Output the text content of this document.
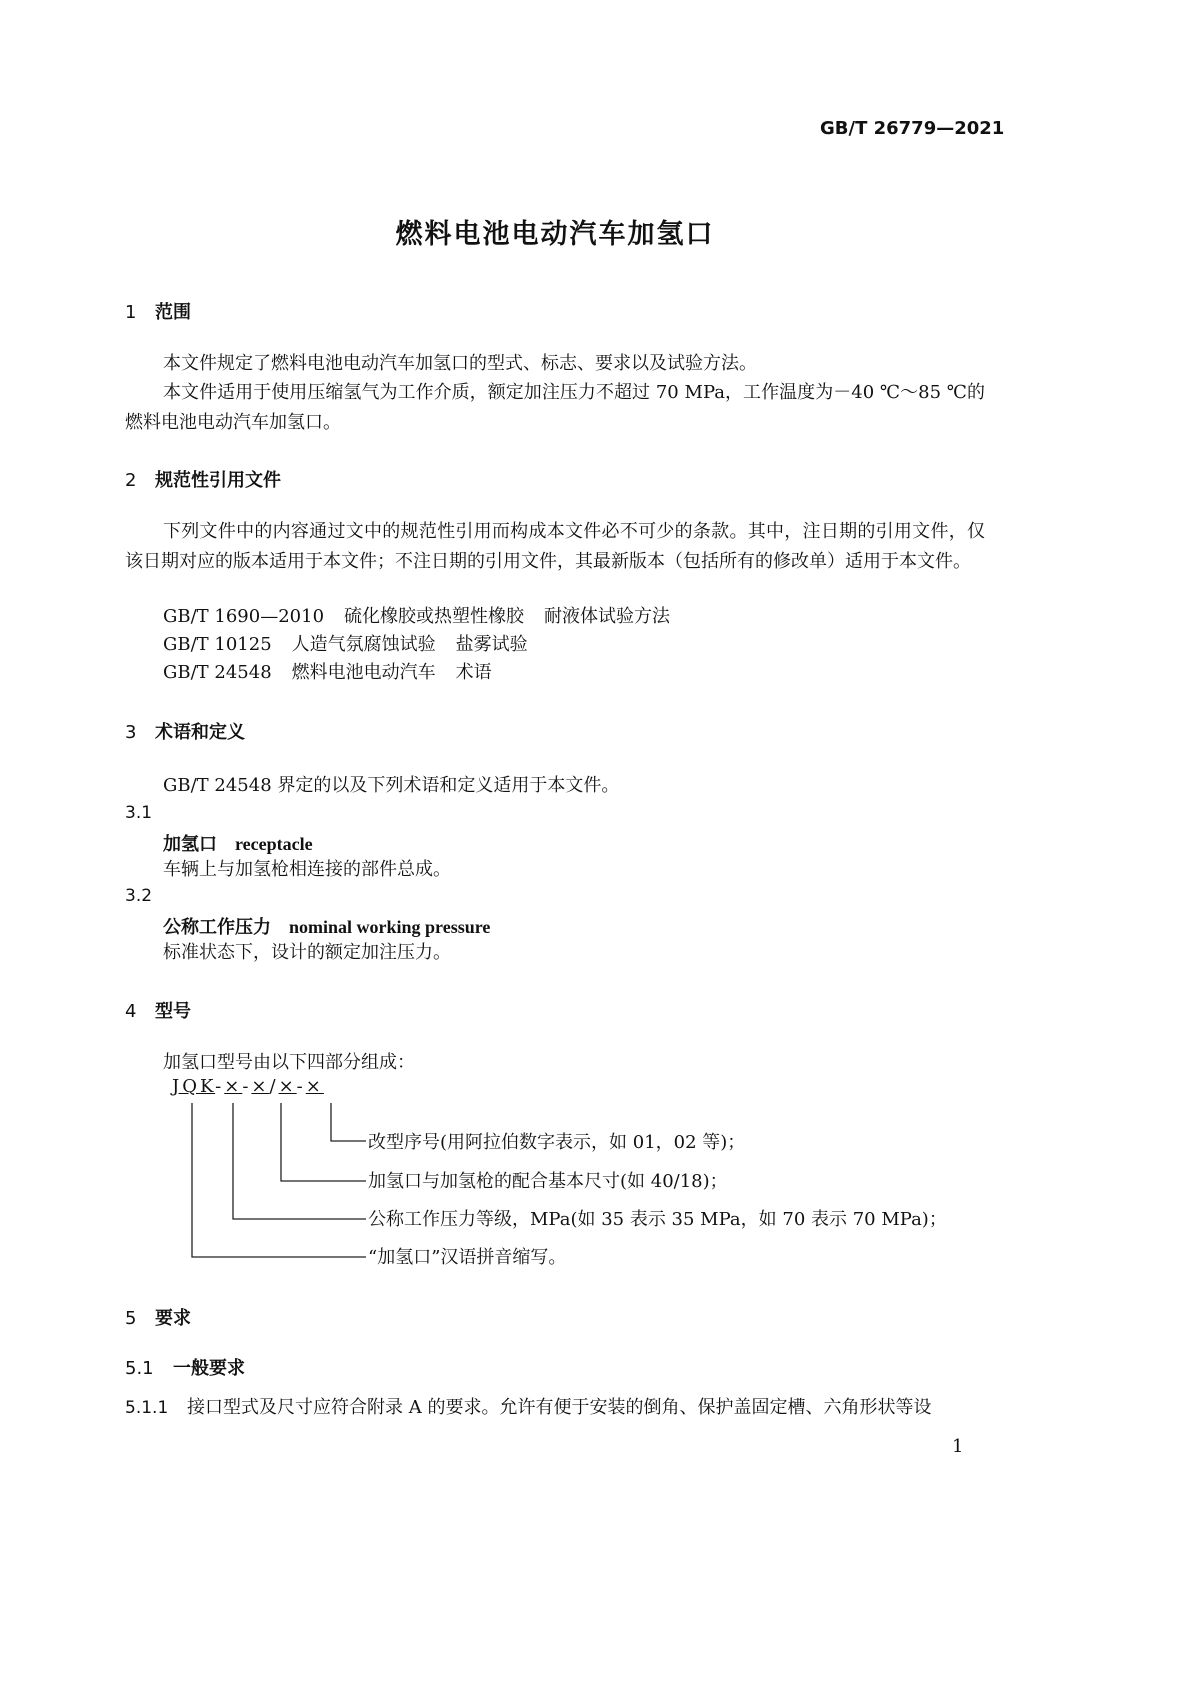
GB/T 26779—2021
燃料电池电动汽车加氢口
1 范围
本文件规定了燃料电池电动汽车加氢口的型式、标志、要求以及试验方法。
本文件适用于使用压缩氢气为工作介质，额定加注压力不超过 70 MPa，工作温度为－40 ℃～85 ℃的燃料电池电动汽车加氢口。
2 规范性引用文件
下列文件中的内容通过文中的规范性引用而构成本文件必不可少的条款。其中，注日期的引用文件，仅该日期对应的版本适用于本文件；不注日期的引用文件，其最新版本（包括所有的修改单）适用于本文件。
GB/T 1690—2010 硫化橡胶或热塑性橡胶 耐液体试验方法
GB/T 10125 人造气氛腐蚀试验 盐雾试验
GB/T 24548 燃料电池电动汽车 术语
3 术语和定义
GB/T 24548 界定的以及下列术语和定义适用于本文件。
3.1
加氢口 receptacle
车辆上与加氢枪相连接的部件总成。
3.2
公称工作压力 nominal working pressure
标准状态下，设计的额定加注压力。
4 型号
加氢口型号由以下四部分组成：
JQK-×-×/×-×
改型序号(用阿拉伯数字表示，如 01，02 等)；
加氢口与加氢枪的配合基本尺寸(如 40/18)；
公称工作压力等级，MPa(如 35 表示 35 MPa，如 70 表示 70 MPa)；
“加氢口”汉语拼音缩写。
5 要求
5.1 一般要求
5.1.1 接口型式及尺寸应符合附录 A 的要求。允许有便于安装的倒角、保护盖固定槽、六角形状等设
1
